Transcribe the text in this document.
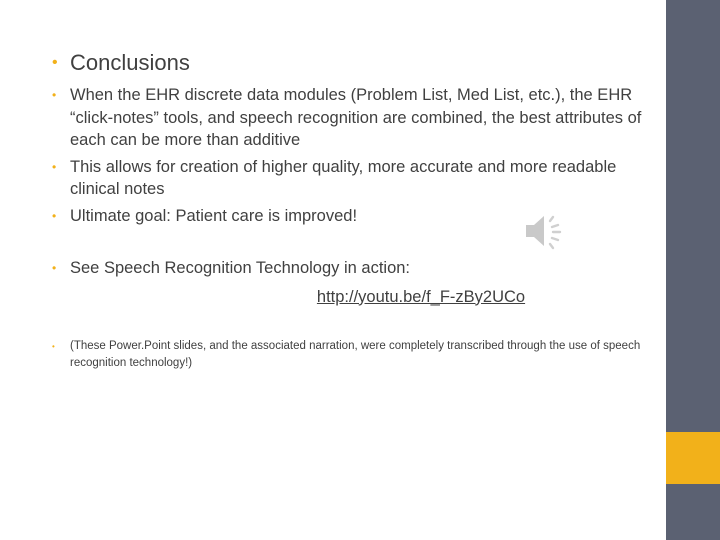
• Conclusions
• When the EHR discrete data modules (Problem List, Med List, etc.), the EHR “click-notes” tools, and speech recognition are combined, the best attributes of each can be more than additive
• This allows for creation of higher quality, more accurate and more readable clinical notes
• Ultimate goal: Patient care is improved!
• See Speech Recognition Technology in action:
http://youtu.be/f_F-zBy2UCo
• (These Power.Point slides, and the associated narration, were completely transcribed through the use of speech recognition technology!)
